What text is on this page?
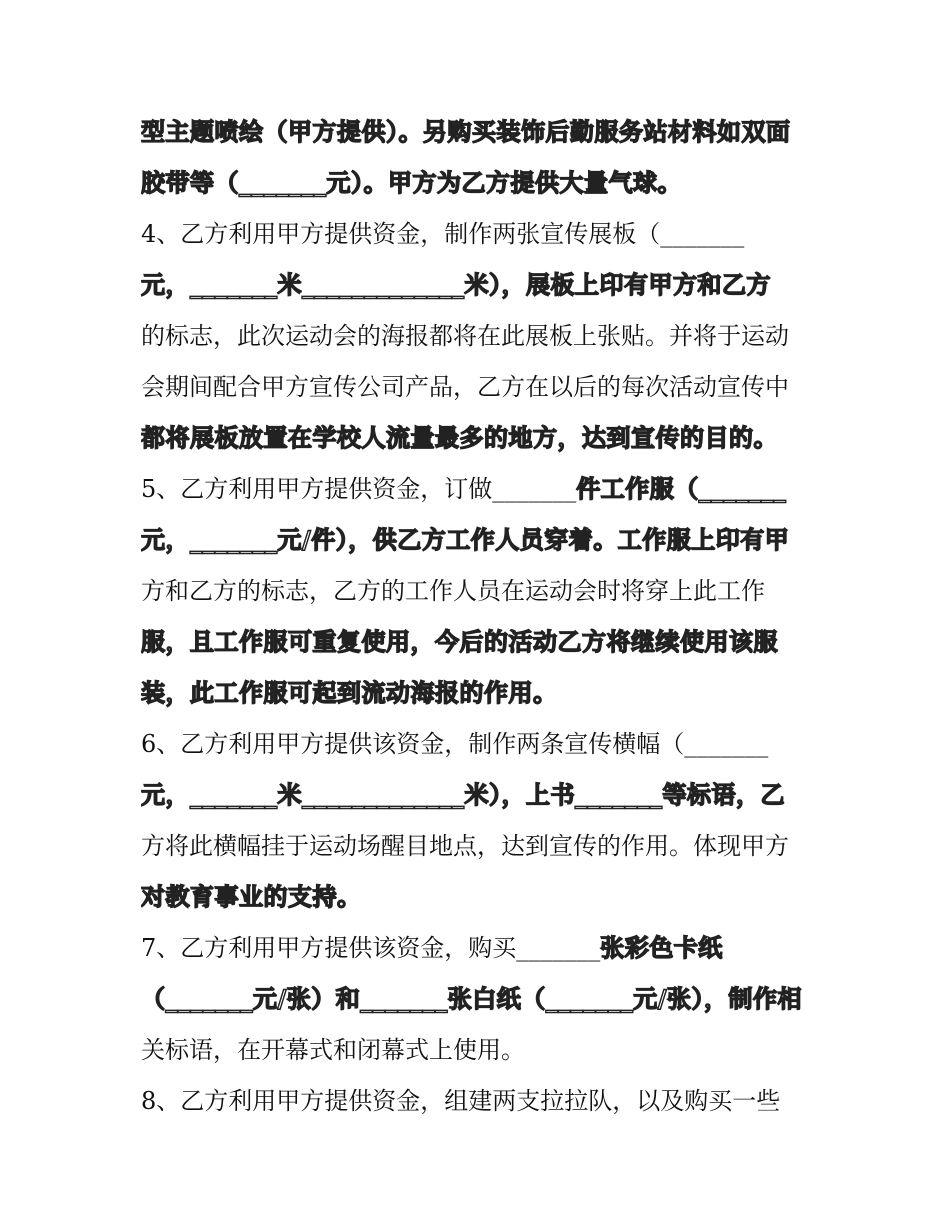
型主题喷绘（甲方提供）。另购买装饰后勤服务站材料如双面
胶带等（_______元）。甲方为乙方提供大量气球。
4、乙方利用甲方提供资金，制作两张宣传展板（_______
元，_______米_____________米），展板上印有甲方和乙方
的标志，此次运动会的海报都将在此展板上张贴。并将于运动
会期间配合甲方宣传公司产品，乙方在以后的每次活动宣传中
都将展板放置在学校人流量最多的地方，达到宣传的目的。
5、乙方利用甲方提供资金，订做_______件工作服（_______
元，_______元/件），供乙方工作人员穿着。工作服上印有甲
方和乙方的标志，乙方的工作人员在运动会时将穿上此工作
服，且工作服可重复使用，今后的活动乙方将继续使用该服
装，此工作服可起到流动海报的作用。
6、乙方利用甲方提供该资金，制作两条宣传横幅（_______
元，_______米_____________米），上书_______等标语，乙
方将此横幅挂于运动场醒目地点，达到宣传的作用。体现甲方
对教育事业的支持。
7、乙方利用甲方提供该资金，购买_______张彩色卡纸
（_______元/张）和_______张白纸（_______元/张），制作相
关标语，在开幕式和闭幕式上使用。
8、乙方利用甲方提供资金，组建两支拉拉队，以及购买一些
